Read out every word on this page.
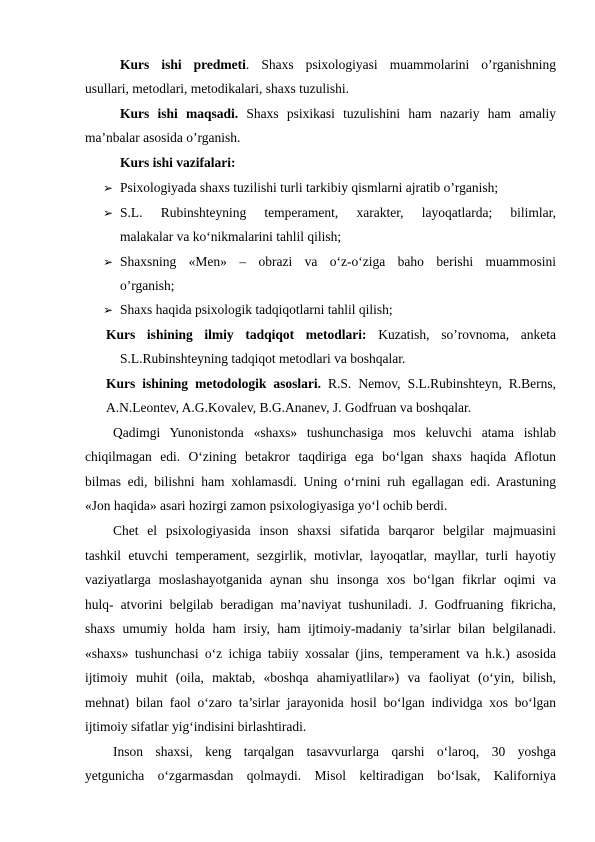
Kurs ishi predmeti. Shaxs psixologiyasi muammolarini o’rganishning
usullari, metodlari, metodikalari, shaxs tuzulishi.
Kurs ishi maqsadi. Shaxs psixikasi tuzulishini ham nazariy ham amaliy
ma’nbalar asosida o’rganish.
Kurs ishi vazifalari:
➢ Psixologiyada shaxs tuzilishi turli tarkibiy qismlarni ajratib o’rganish;
➢ S.L. Rubinshteyning temperament, xarakter, layoqatlarda; bilimlar,
malakalar va ko‘nikmalarini tahlil qilish;
➢ Shaxsning «Men» – obrazi va o‘z-o‘ziga baho berishi muammosini
o’rganish;
➢ Shaxs haqida psixologik tadqiqotlarni tahlil qilish;
Kurs ishining ilmiy tadqiqot metodlari: Kuzatish, so’rovnoma, anketa
S.L.Rubinshteyning tadqiqot metodlari va boshqalar.
Kurs ishining metodologik asoslari. R.S. Nemov, S.L.Rubinshteyn, R.Berns,
A.N.Leontev, A.G.Kovalev, B.G.Ananev, J. Godfruan va boshqalar.
Qadimgi Yunonistonda «shaxs» tushunchasiga mos keluvchi atama ishlab
chiqilmagan edi. O‘zining betakror taqdiriga ega bo‘lgan shaxs haqida Aflotun
bilmas edi, bilishni ham xohlamasdi. Uning o‘rnini ruh egallagan edi. Arastuning
«Jon haqida» asari hozirgi zamon psixologiyasiga yo‘l ochib berdi.
Chet el psixologiyasida inson shaxsi sifatida barqaror belgilar majmuasini
tashkil etuvchi temperament, sezgirlik, motivlar, layoqatlar, mayllar, turli hayotiy
vaziyatlarga moslashayotganida aynan shu insonga xos bo‘lgan fikrlar oqimi va
hulq- atvorini belgilab beradigan ma’naviyat tushuniladi. J. Godfruaning fikricha,
shaxs umumiy holda ham irsiy, ham ijtimoiy-madaniy ta’sirlar bilan belgilanadi.
«shaxs» tushunchasi o‘z ichiga tabiiy xossalar (jins, temperament va h.k.) asosida
ijtimoiy muhit (oila, maktab, «boshqa ahamiyatlilar») va faoliyat (o‘yin, bilish,
mehnat) bilan faol o‘zaro ta’sirlar jarayonida hosil bo‘lgan individga xos bo‘lgan
ijtimoiy sifatlar yig‘indisini birlashtiradi.
Inson shaxsi, keng tarqalgan tasavvurlarga qarshi o‘laroq, 30 yoshga
yetgunicha o‘zgarmasdan qolmaydi. Misol keltiradigan bo‘lsak, Kaliforniya
